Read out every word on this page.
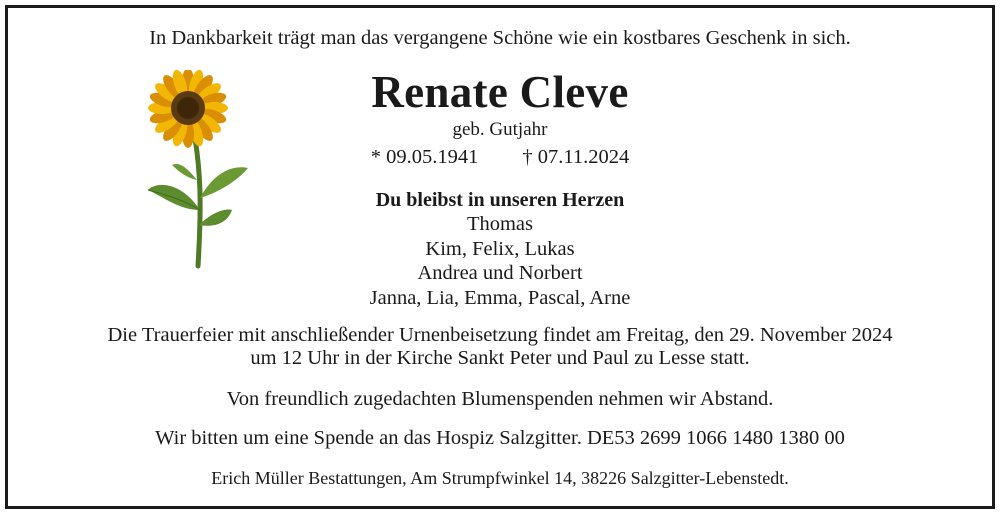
In Dankbarkeit trägt man das vergangene Schöne wie ein kostbares Geschenk in sich.
Renate Cleve
geb. Gutjahr
* 09.05.1941 † 07.11.2024
Du bleibst in unseren Herzen
Thomas
Kim, Felix, Lukas
Andrea und Norbert
Janna, Lia, Emma, Pascal, Arne
Die Trauerfeier mit anschließender Urnenbeisetzung findet am Freitag, den 29. November 2024
um 12 Uhr in der Kirche Sankt Peter und Paul zu Lesse statt.
Von freundlich zugedachten Blumenspenden nehmen wir Abstand.
Wir bitten um eine Spende an das Hospiz Salzgitter. DE53 2699 1066 1480 1380 00
Erich Müller Bestattungen, Am Strumpfwinkel 14, 38226 Salzgitter-Lebenstedt.
